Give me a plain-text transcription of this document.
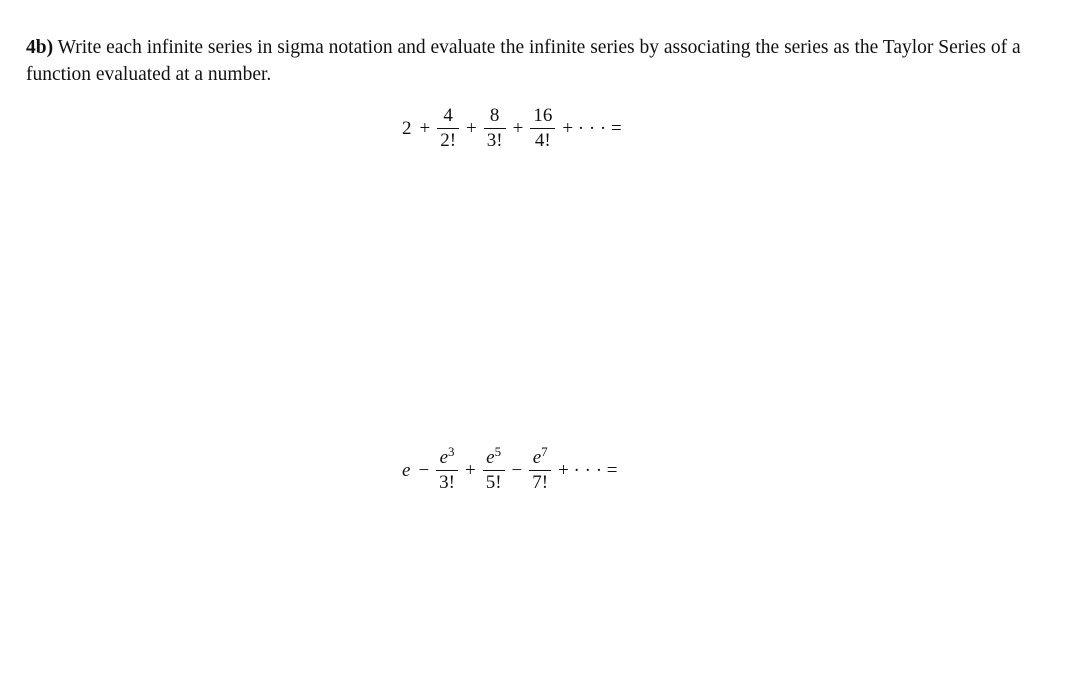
4b) Write each infinite series in sigma notation and evaluate the infinite series by associating the series as the Taylor Series of a function evaluated at a number.
$2 + \frac{4}{2!} + \frac{8}{3!} + \frac{16}{4!}$ + · · · =
$e - \frac{e^3}{3!} + \frac{e^5}{5!} - \frac{e^7}{7!}$ + · · · =
